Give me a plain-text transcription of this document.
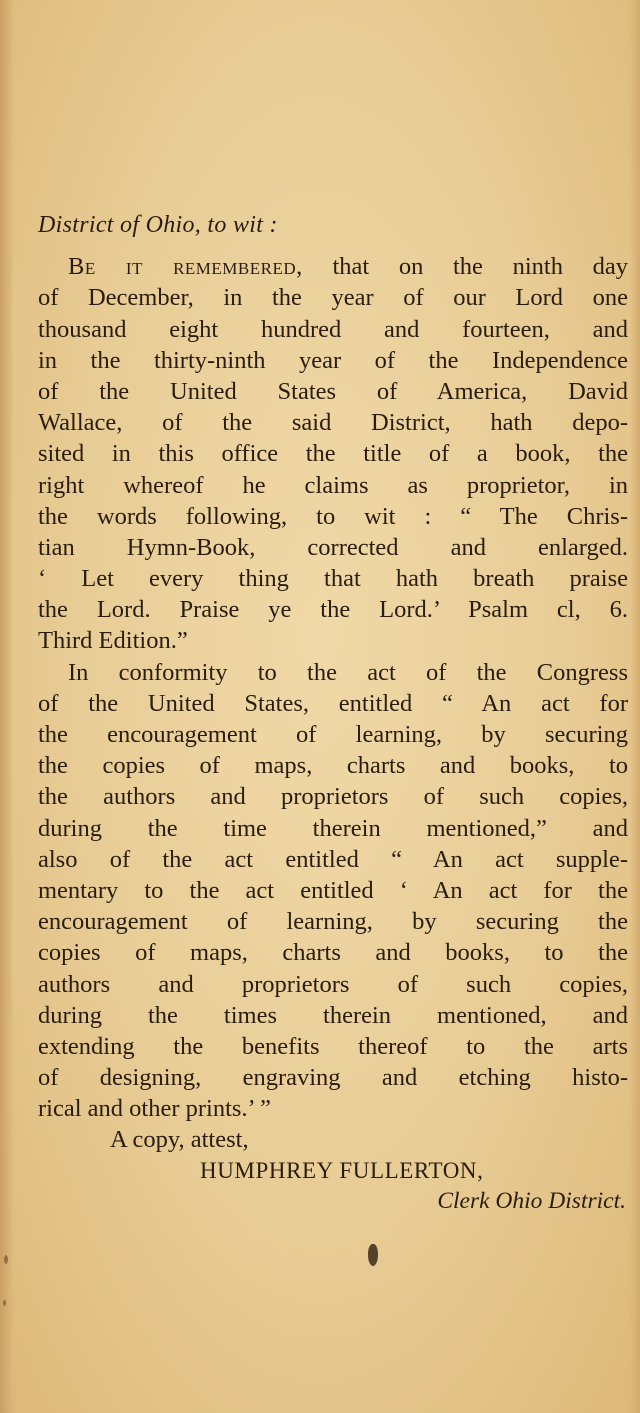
District of Ohio, to wit :
Be it remembered, that on the ninth day
of December, in the year of our Lord one
thousand eight hundred and fourteen, and
in the thirty-ninth year of the Independence
of the United States of America, David
Wallace, of the said District, hath depo-
sited in this office the title of a book, the
right whereof he claims as proprietor, in
the words following, to wit : “ The Chris-
tian Hymn-Book, corrected and enlarged.
‘ Let every thing that hath breath praise
the Lord. Praise ye the Lord.’ Psalm cl, 6.
Third Edition.”
In conformity to the act of the Congress
of the United States, entitled “ An act for
the encouragement of learning, by securing
the copies of maps, charts and books, to
the authors and proprietors of such copies,
during the time therein mentioned,” and
also of the act entitled “ An act supple-
mentary to the act entitled ‘ An act for the
encouragement of learning, by securing the
copies of maps, charts and books, to the
authors and proprietors of such copies,
during the times therein mentioned, and
extending the benefits thereof to the arts
of designing, engraving and etching histo-
rical and other prints.’ ”
A copy, attest,
HUMPHREY FULLERTON,
Clerk Ohio District.
